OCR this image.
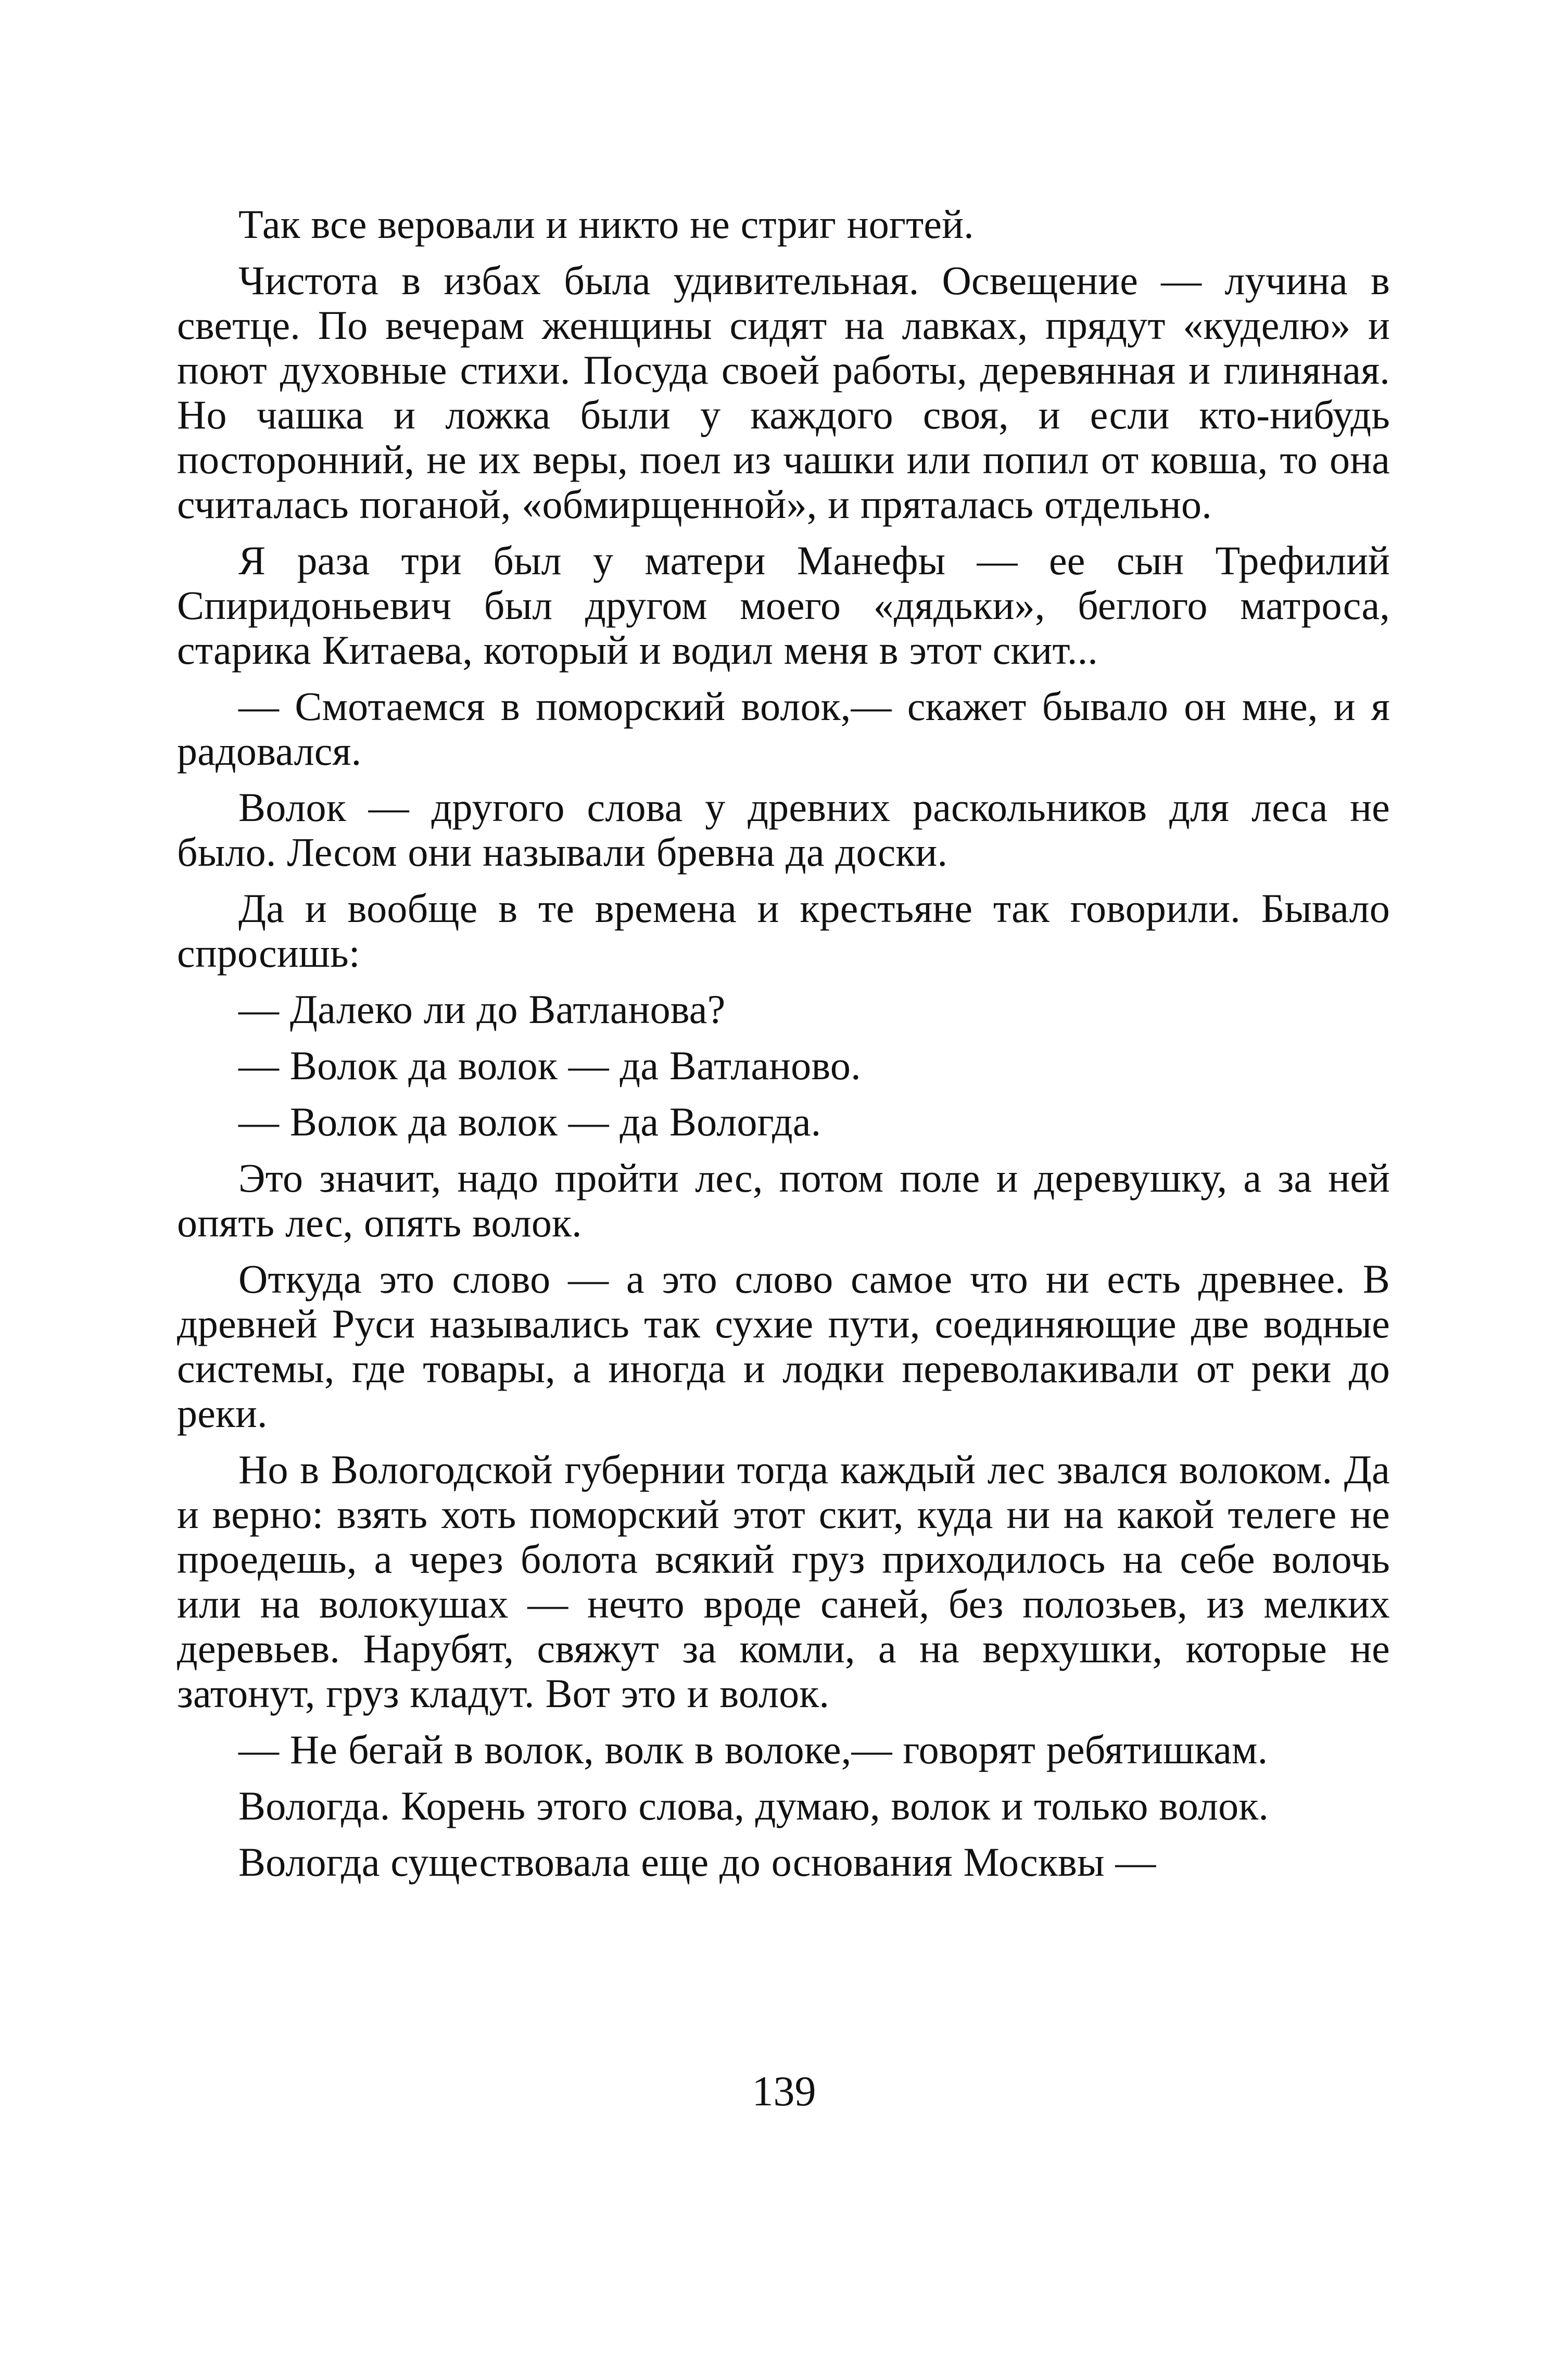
Так все веровали и никто не стриг ногтей.

Чистота в избах была удивительная. Освещение — лучина в светце. По вечерам женщины сидят на лавках, прядут «куделю» и поют духовные стихи. Посуда своей работы, деревянная и глиняная. Но чашка и ложка были у каждого своя, и если кто-нибудь посторонний, не их веры, поел из чашки или попил от ковша, то она считалась поганой, «обмирщенной», и пряталась отдельно.

Я раза три был у матери Манефы — ее сын Трефилий Спиридоньевич был другом моего «дядьки», беглого матроса, старика Китаева, который и водил меня в этот скит...

— Смотаемся в поморский волок,— скажет бывало он мне, и я радовался.

Волок — другого слова у древних раскольников для леса не было. Лесом они называли бревна да доски.

Да и вообще в те времена и крестьяне так говорили. Бывало спросишь:

— Далеко ли до Ватланова?

— Волок да волок — да Ватланово.

— Волок да волок — да Вологда.

Это значит, надо пройти лес, потом поле и деревушку, а за ней опять лес, опять волок.

Откуда это слово — а это слово самое что ни есть древнее. В древней Руси назывались так сухие пути, соединяющие две водные системы, где товары, а иногда и лодки переволакивали от реки до реки.

Но в Вологодской губернии тогда каждый лес звался волоком. Да и верно: взять хоть поморский этот скит, куда ни на какой телеге не проедешь, а через болота всякий груз приходилось на себе волочь или на волокушах — нечто вроде саней, без полозьев, из мелких деревьев. Нарубят, свяжут за комли, а на верхушки, которые не затонут, груз кладут. Вот это и волок.

— Не бегай в волок, волк в волоке,— говорят ребятишкам.

Вологда. Корень этого слова, думаю, волок и только волок.

Вологда существовала еще до основания Москвы —

139
